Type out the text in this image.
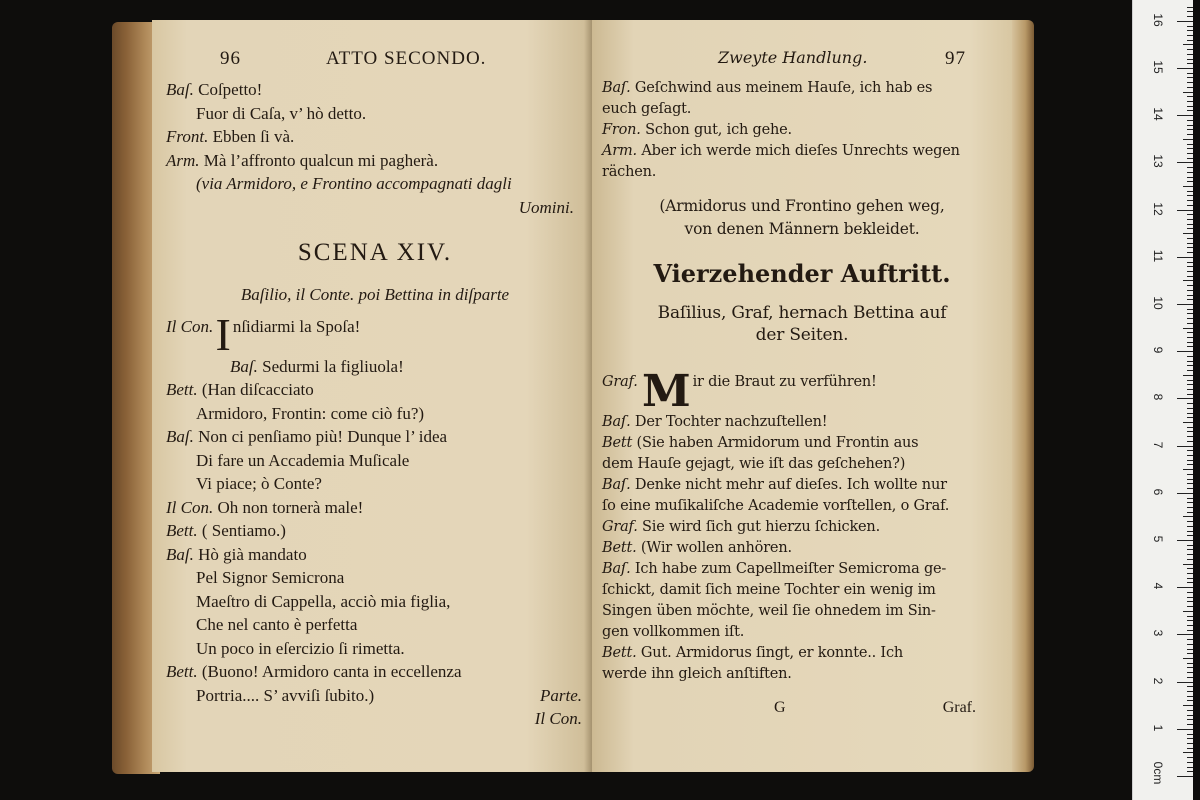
96	ATTO SECONDO.
Baſ. Coſpetto!
Fuor di Caſa, v’ hò detto.
Front. Ebben ſi và.
Arm. Mà l’affronto qualcun mi pagherà.
(via Armidoro, e Frontino accompagnati dagli
Uomini.
SCENA XIV.
Baſilio, il Conte. poi Bettina in diſparte
Il Con. I nſidiarmi la Spoſa!
Baſ. Sedurmi la figliuola!
Bett. (Han diſcacciato
Armidoro, Frontin: come ciò fu?)
Baſ. Non ci penſiamo più! Dunque l’ idea
Di fare un Accademia Muſicale
Vi piace; ò Conte?
Il Con. Oh non tornerà male!
Bett. ( Sentiamo.)
Baſ. Hò già mandato
Pel Signor Semicrona
Maeſtro di Cappella, acciò mia figlia,
Che nel canto è perfetta
Un poco in eſercizio ſi rimetta.
Bett. (Buono! Armidoro canta in eccellenza
Portria.... S’ avviſi ſubito.)	Parte.
Il Con.
Zweyte Handlung.	97
Baſ. Geſchwind aus meinem Hauſe, ich hab es
euch geſagt.
Fron. Schon gut, ich gehe.
Arm. Aber ich werde mich dieſes Unrechts wegen
rächen.
(Armidorus und Frontino gehen weg,
von denen Männern bekleidet.
Vierzehender Auftritt.
Baſilius, Graf, hernach Bettina auf
der Seiten.
Graf. M ir die Braut zu verführen!
Baſ. Der Tochter nachzuſtellen!
Bett (Sie haben Armidorum und Frontin aus
dem Hauſe gejagt, wie iſt das geſchehen?)
Baſ. Denke nicht mehr auf dieſes. Ich wollte nur
ſo eine muſikaliſche Academie vorſtellen, o Graf.
Graf. Sie wird ſich gut hierzu ſchicken.
Bett. (Wir wollen anhören.
Baſ. Ich habe zum Capellmeiſter Semicroma ge-
ſchickt, damit ſich meine Tochter ein wenig im
Singen üben möchte, weil ſie ohnedem im Sin-
gen vollkommen iſt.
Bett. Gut. Armidorus ſingt, er konnte.. Ich
werde ihn gleich anſtiften.
G	Graf.
0cm
1
2
3
4
5
6
7
8
9
10
11
12
13
14
15
16
